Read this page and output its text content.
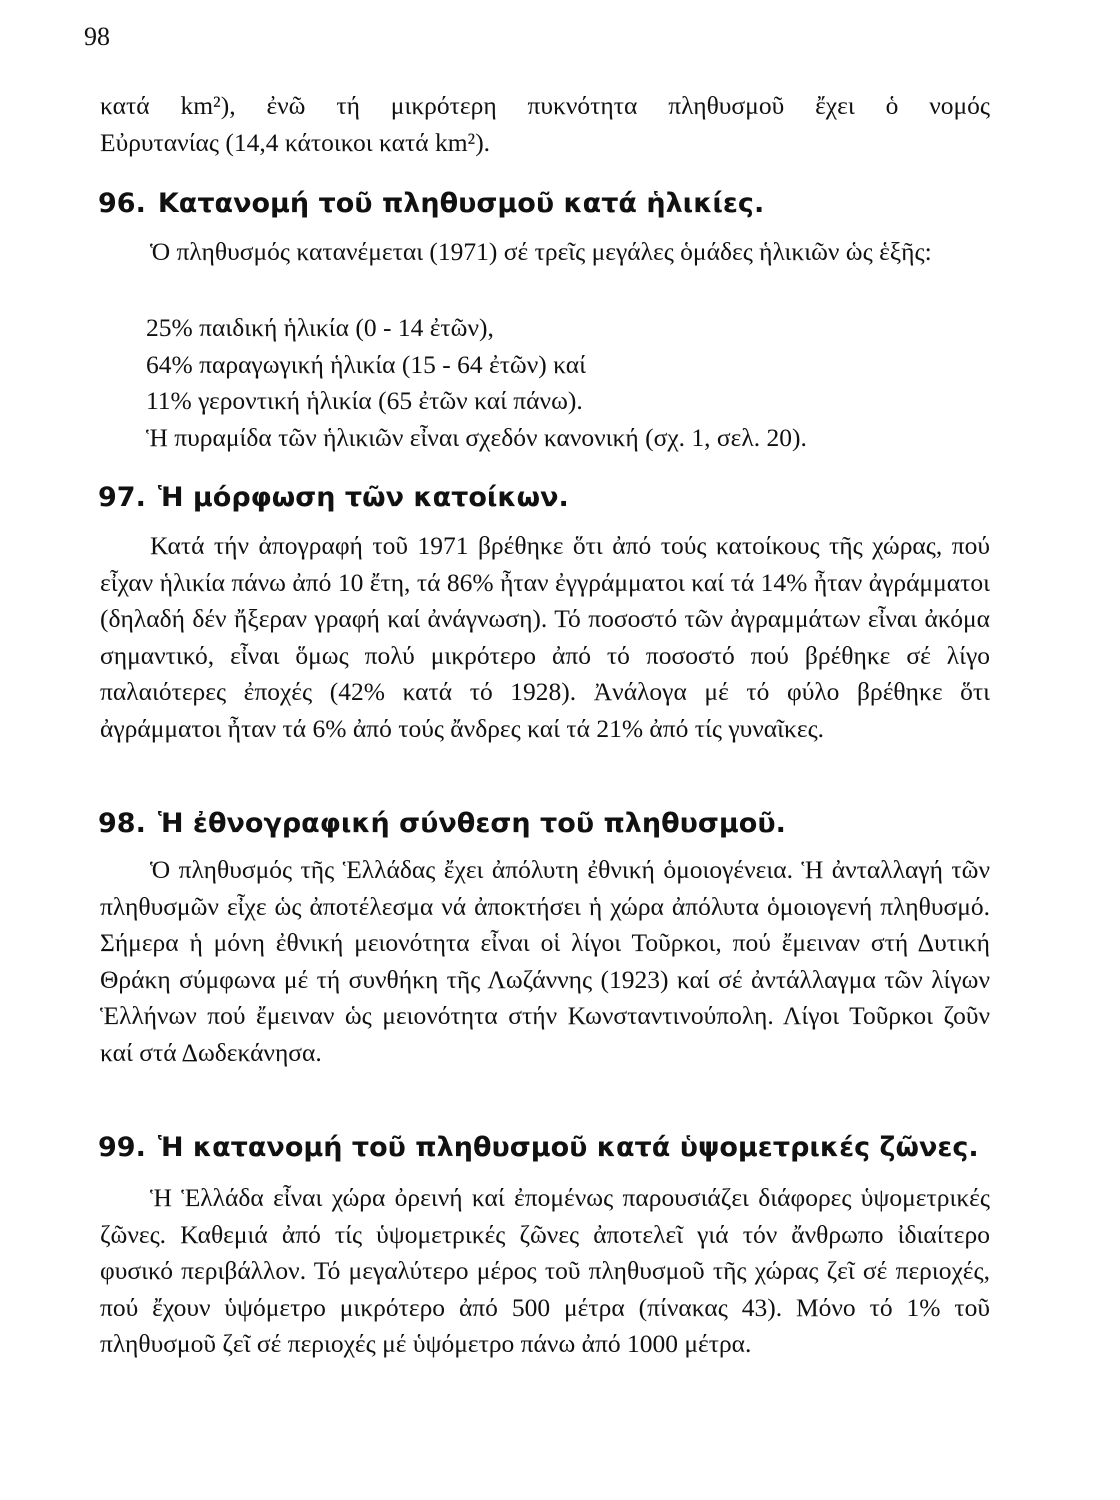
98

κατά km²), ἐνῶ τή μικρότερη πυκνότητα πληθυσμοῦ ἔχει ὁ νομός

Εὐρυτανίας (14,4 κάτοικοι κατά km²).

96. Κατανομή τοῦ πληθυσμοῦ κατά ἡλικίες.

Ὁ πληθυσμός κατανέμεται (1971) σέ τρεῖς μεγάλες ὁμάδες ἡλικιῶν ὡς ἑξῆς:

25% παιδική ἡλικία (0 - 14 ἐτῶν),

64% παραγωγική ἡλικία (15 - 64 ἐτῶν) καί

11% γεροντική ἡλικία (65 ἐτῶν καί πάνω).

Ἡ πυραμίδα τῶν ἡλικιῶν εἶναι σχεδόν κανονική (σχ. 1, σελ. 20).

97. Ἡ μόρφωση τῶν κατοίκων.

Κατά τήν ἀπογραφή τοῦ 1971 βρέθηκε ὅτι ἀπό τούς κατοίκους τῆς χώρας, πού εἶχαν ἡλικία πάνω ἀπό 10 ἔτη, τά 86% ἦταν ἐγγράμματοι καί τά 14% ἦταν ἀγράμματοι (δηλαδή δέν ἤξεραν γραφή καί ἀνάγνωση). Τό ποσοστό τῶν ἀγραμμάτων εἶναι ἀκόμα σημαντικό, εἶναι ὅμως πολύ μικρότερο ἀπό τό ποσοστό πού βρέθηκε σέ λίγο παλαιότερες ἐποχές (42% κατά τό 1928). Ἀνάλογα μέ τό φύλο βρέθηκε ὅτι ἀγράμματοι ἦταν τά 6% ἀπό τούς ἄνδρες καί τά 21% ἀπό τίς γυναῖκες.

98. Ἡ ἐθνογραφική σύνθεση τοῦ πληθυσμοῦ.

Ὁ πληθυσμός τῆς Ἑλλάδας ἔχει ἀπόλυτη ἐθνική ὁμοιογένεια. Ἡ ἀνταλλαγή τῶν πληθυσμῶν εἶχε ὡς ἀποτέλεσμα νά ἀποκτήσει ἡ χώρα ἀπόλυτα ὁμοιογενή πληθυσμό. Σήμερα ἡ μόνη ἐθνική μειονότητα εἶναι οἱ λίγοι Τοῦρκοι, πού ἔμειναν στή Δυτική Θράκη σύμφωνα μέ τή συνθήκη τῆς Λωζάννης (1923) καί σέ ἀντάλλαγμα τῶν λίγων Ἑλλήνων πού ἔμειναν ὡς μειονότητα στήν Κωνσταντινούπολη. Λίγοι Τοῦρκοι ζοῦν καί στά Δωδεκάνησα.

99. Ἡ κατανομή τοῦ πληθυσμοῦ κατά ὑψομετρικές ζῶνες.

Ἡ Ἑλλάδα εἶναι χώρα ὀρεινή καί ἐπομένως παρουσιάζει διάφορες ὑψομετρικές ζῶνες. Καθεμιά ἀπό τίς ὑψομετρικές ζῶνες ἀποτελεῖ γιά τόν ἄνθρωπο ἰδιαίτερο φυσικό περιβάλλον. Τό μεγαλύτερο μέρος τοῦ πληθυσμοῦ τῆς χώρας ζεῖ σέ περιοχές, πού ἔχουν ὑψόμετρο μικρότερο ἀπό 500 μέτρα (πίνακας 43). Μόνο τό 1% τοῦ πληθυσμοῦ ζεῖ σέ περιοχές μέ ὑψόμετρο πάνω ἀπό 1000 μέτρα.
